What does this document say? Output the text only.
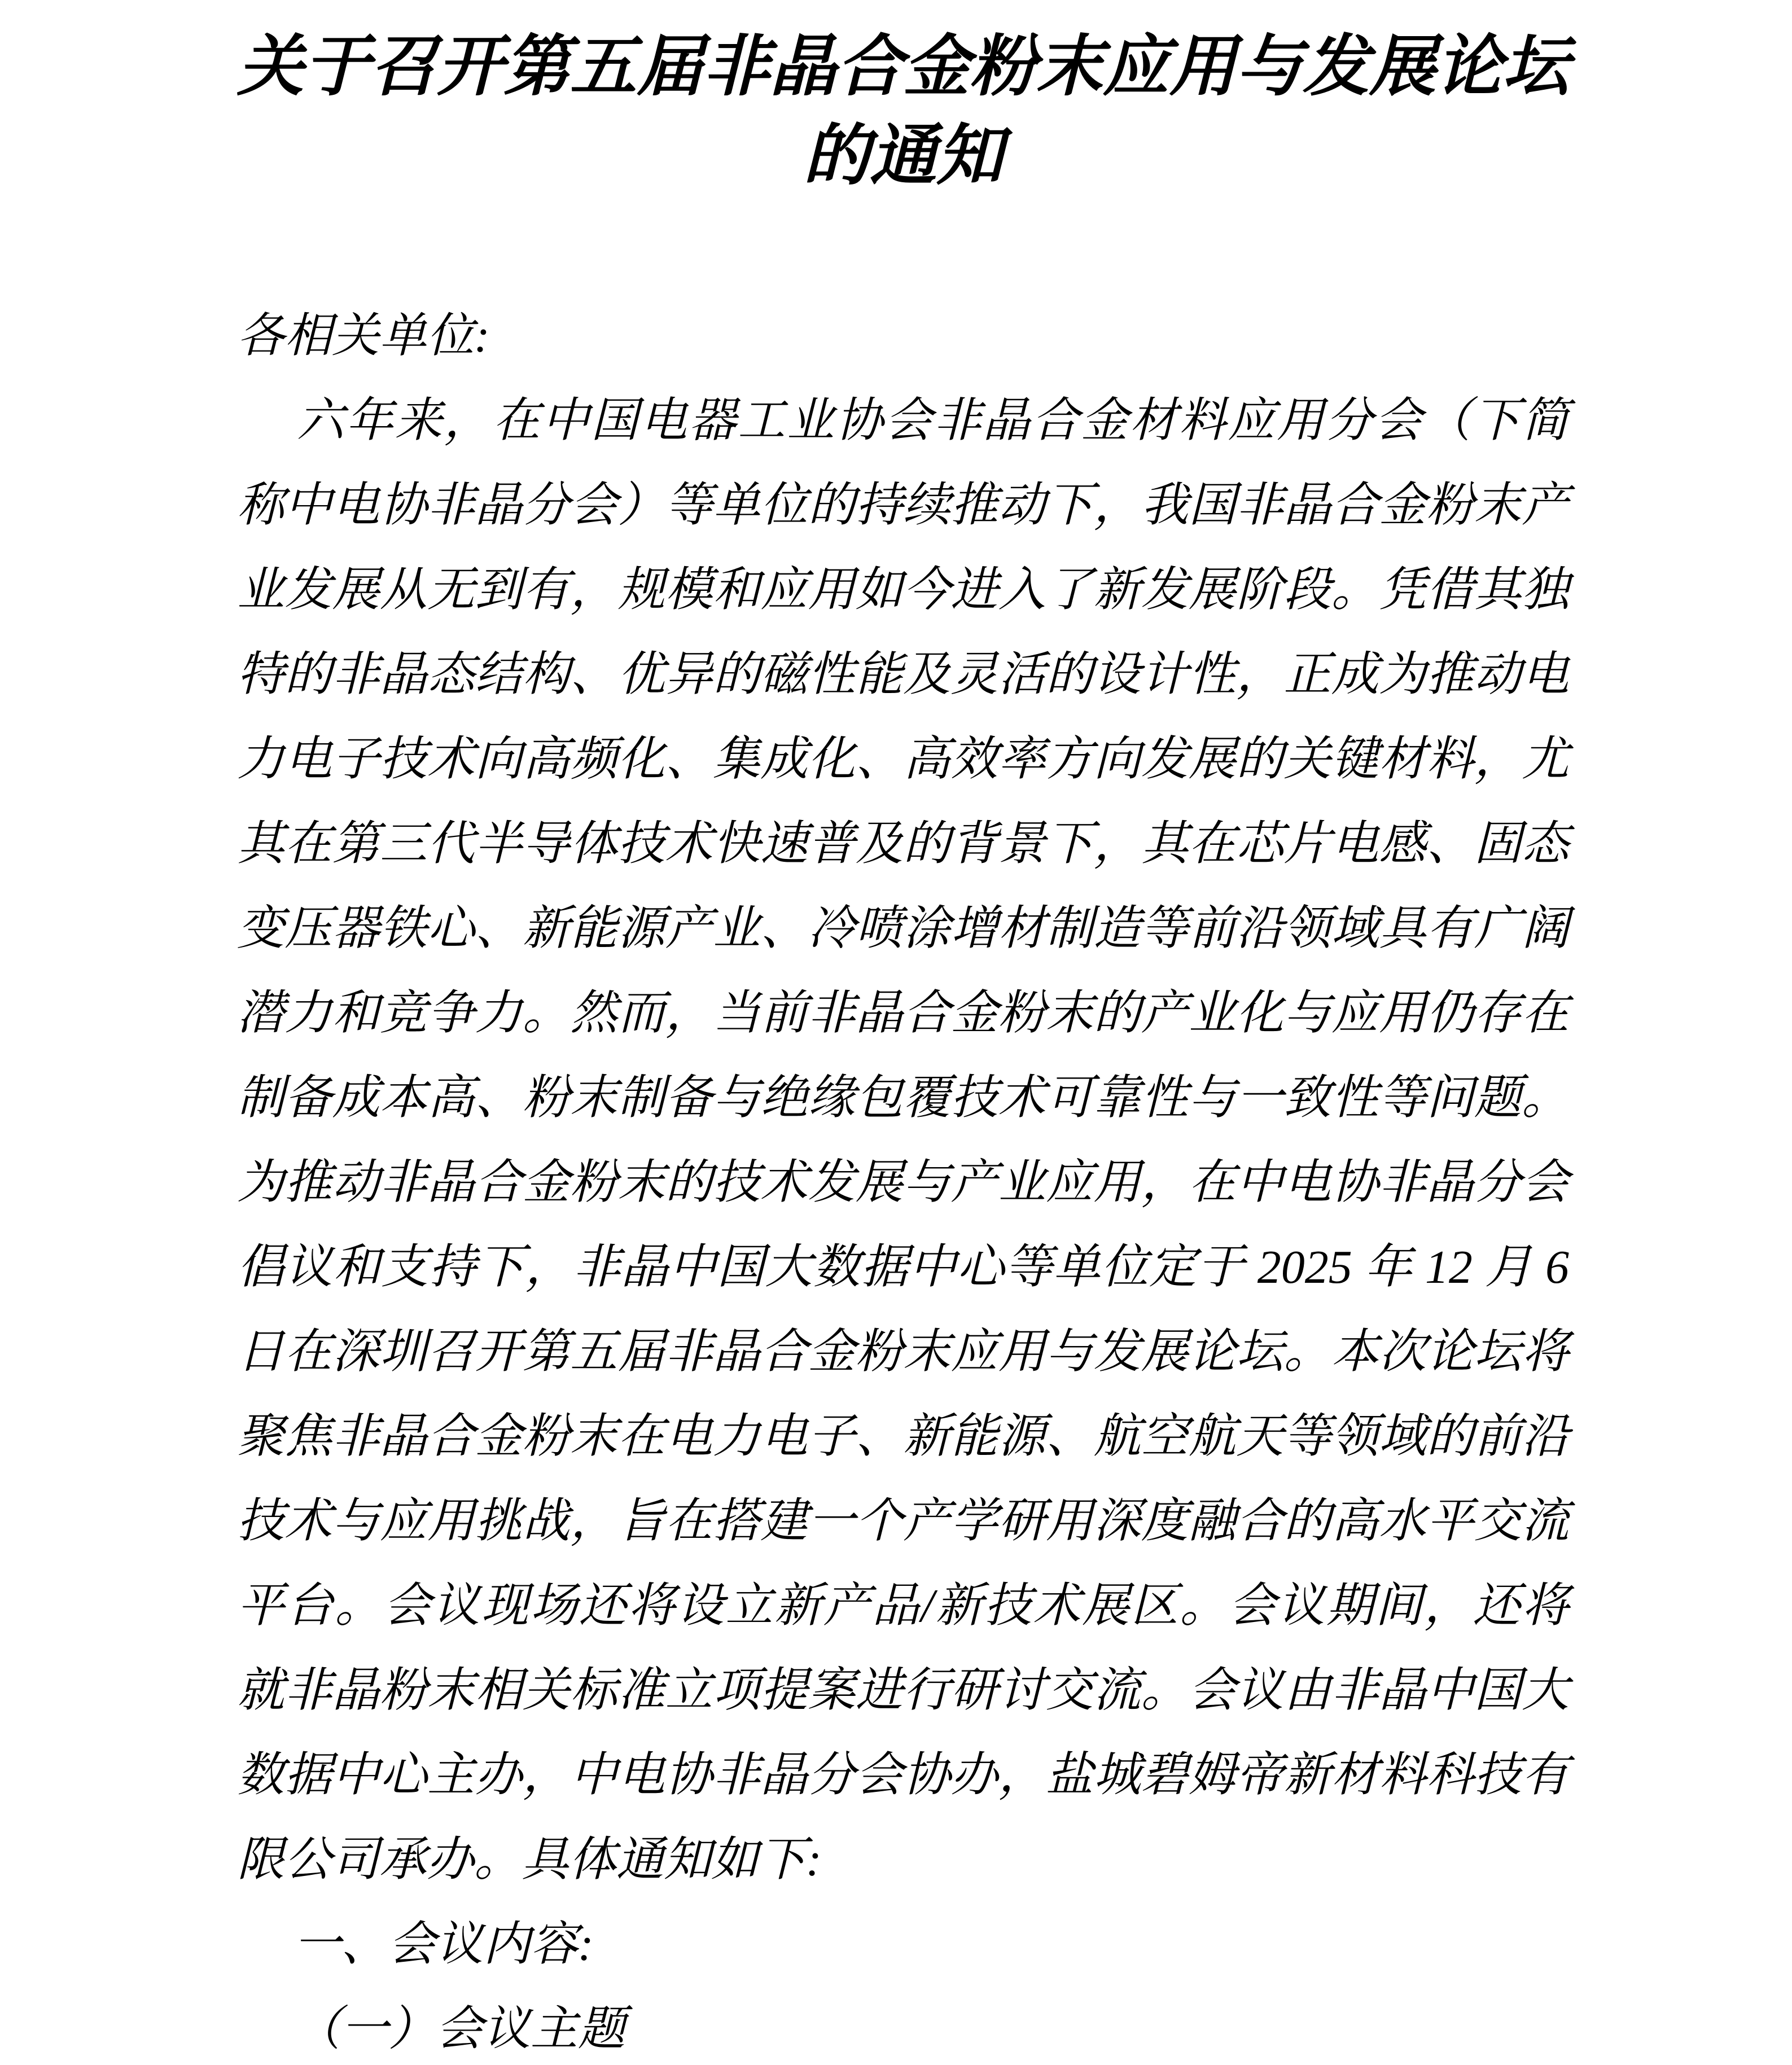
关于召开第五届非晶合金粉末应用与发展论坛
的通知
各相关单位:
六年来，在中国电器工业协会非晶合金材料应用分会（下简
称中电协非晶分会）等单位的持续推动下，我国非晶合金粉末产
业发展从无到有，规模和应用如今进入了新发展阶段。凭借其独
特的非晶态结构、优异的磁性能及灵活的设计性，正成为推动电
力电子技术向高频化、集成化、高效率方向发展的关键材料，尤
其在第三代半导体技术快速普及的背景下，其在芯片电感、固态
变压器铁心、新能源产业、冷喷涂增材制造等前沿领域具有广阔
潜力和竞争力。然而，当前非晶合金粉末的产业化与应用仍存在
制备成本高、粉末制备与绝缘包覆技术可靠性与一致性等问题。
为推动非晶合金粉末的技术发展与产业应用，在中电协非晶分会
倡议和支持下，非晶中国大数据中心等单位定于 2025 年 12 月 6
日在深圳召开第五届非晶合金粉末应用与发展论坛。本次论坛将
聚焦非晶合金粉末在电力电子、新能源、航空航天等领域的前沿
技术与应用挑战，旨在搭建一个产学研用深度融合的高水平交流
平台。会议现场还将设立新产品/新技术展区。会议期间，还将
就非晶粉末相关标准立项提案进行研讨交流。会议由非晶中国大
数据中心主办，中电协非晶分会协办，盐城碧姆帝新材料科技有
限公司承办。具体通知如下:
一、会议内容:
（一）会议主题
